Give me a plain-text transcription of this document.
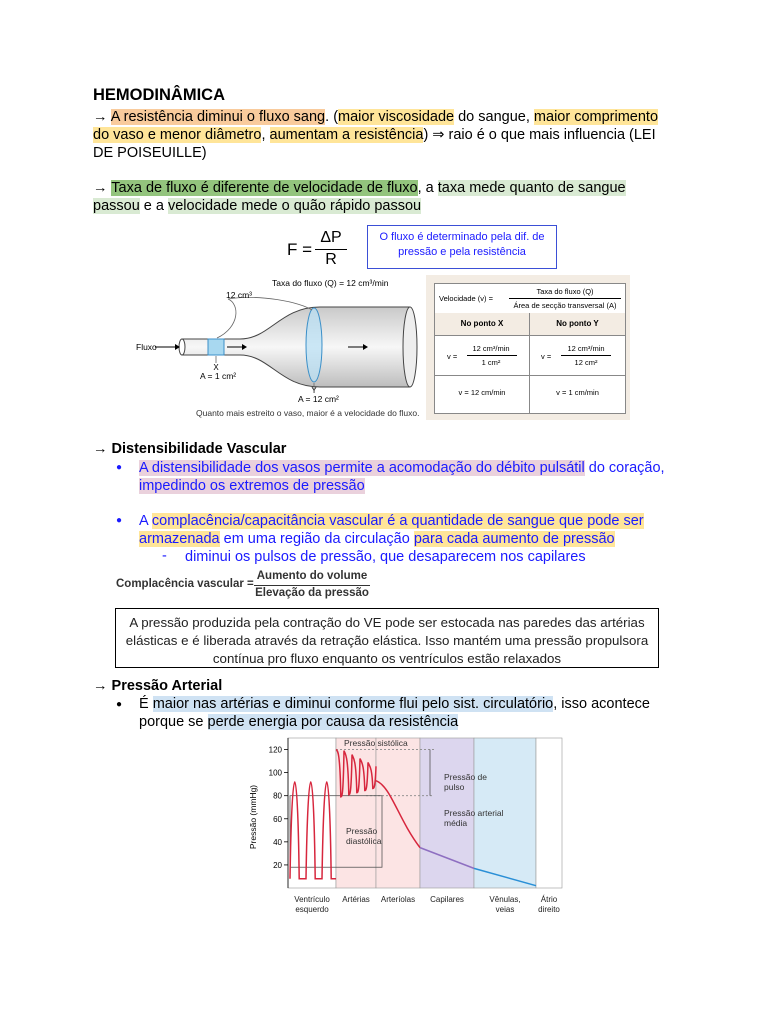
HEMODINÂMICA
→ A resistência diminui o fluxo sang. (maior viscosidade do sangue, maior comprimento do vaso e menor diâmetro, aumentam a resistência) ⇒ raio é o que mais influencia (LEI DE POISEUILLE)
→ Taxa de fluxo é diferente de velocidade de fluxo, a taxa mede quanto de sangue passou e a velocidade mede o quão rápido passou
F =
ΔP
R
O fluxo é determinado pela dif. de pressão e pela resistência
Taxa do fluxo (Q) = 12 cm³/min
12 cm³
Fluxo
X
A = 1 cm²
Y
A = 12 cm²
Quanto mais estreito o vaso, maior é a velocidade do fluxo.
Velocidade (v) =
Taxa do fluxo (Q)
Área de secção transversal (A)
No ponto X	No ponto Y
v =
12 cm³/min
1 cm²
v =
12 cm³/min
12 cm²
v = 12 cm/min	v = 1 cm/min
→ Distensibilidade Vascular
● A distensibilidade dos vasos permite a acomodação do débito pulsátil do coração, impedindo os extremos de pressão
● A complacência/capacitância vascular é a quantidade de sangue que pode ser armazenada em uma região da circulação para cada aumento de pressão
- diminui os pulsos de pressão, que desaparecem nos capilares
Complacência vascular =
Aumento do volume
Elevação da pressão
A pressão produzida pela contração do VE pode ser estocada nas paredes das artérias elásticas e é liberada através da retração elástica. Isso mantém uma pressão propulsora contínua pro fluxo enquanto os ventrículos estão relaxados
→ Pressão Arterial
● É maior nas artérias e diminui conforme flui pelo sist. circulatório, isso acontece porque se perde energia por causa da resistência
Pressão (mmHg)
20
40
60
80
100
120
Pressão sistólica
Pressão de pulso
Pressão arterial média
Pressão diastólica
Ventrículo esquerdo
Artérias Arteríolas Capilares	Vênulas, veias
Átrio direito
